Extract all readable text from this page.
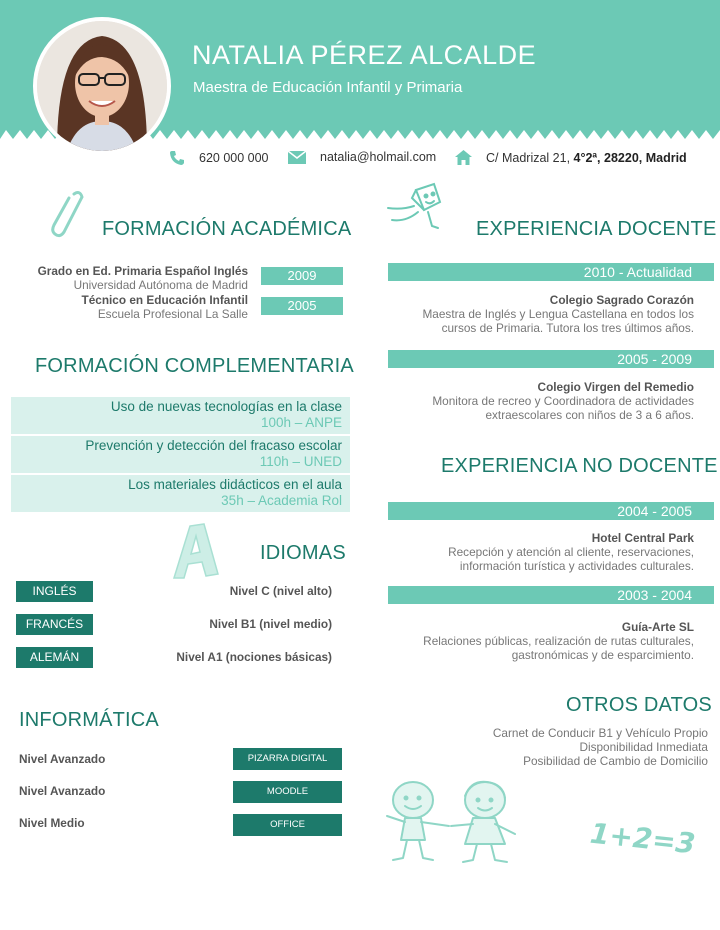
NATALIA PÉREZ ALCALDE
Maestra de Educación Infantil y Primaria
620 000 000	natalia@holmail.com	C/ Madrizal 21, 4°2ª, 28220, Madrid
FORMACIÓN ACADÉMICA
Grado en Ed. Primaria Español Inglés
Universidad Autónoma de Madrid
2009
Técnico en Educación Infantil
Escuela Profesional La Salle
2005
FORMACIÓN COMPLEMENTARIA
Uso de nuevas tecnologías en la clase
100h – ANPE
Prevención y detección del fracaso escolar
110h – UNED
Los materiales didácticos en el aula
35h – Academia Rol
IDIOMAS
INGLÉS	Nivel C (nivel alto)
FRANCÉS	Nivel B1 (nivel medio)
ALEMÁN	Nivel A1 (nociones básicas)
INFORMÁTICA
Nivel Avanzado	PIZARRA DIGITAL
Nivel Avanzado	MOODLE
Nivel Medio	OFFICE
EXPERIENCIA DOCENTE
2010 - Actualidad
Colegio Sagrado Corazón
Maestra de Inglés y Lengua Castellana en todos los
cursos de Primaria. Tutora los tres últimos años.
2005 - 2009
Colegio Virgen del Remedio
Monitora de recreo y Coordinadora de actividades
extraescolares con niños de 3 a 6 años.
EXPERIENCIA NO DOCENTE
2004 - 2005
Hotel Central Park
Recepción y atención al cliente, reservaciones,
información turística y actividades culturales.
2003 - 2004
Guía-Arte SL
Relaciones públicas, realización de rutas culturales,
gastronómicas y de esparcimiento.
OTROS DATOS
Carnet de Conducir B1 y Vehículo Propio
Disponibilidad Inmediata
Posibilidad de Cambio de Domicilio
1+2=3
